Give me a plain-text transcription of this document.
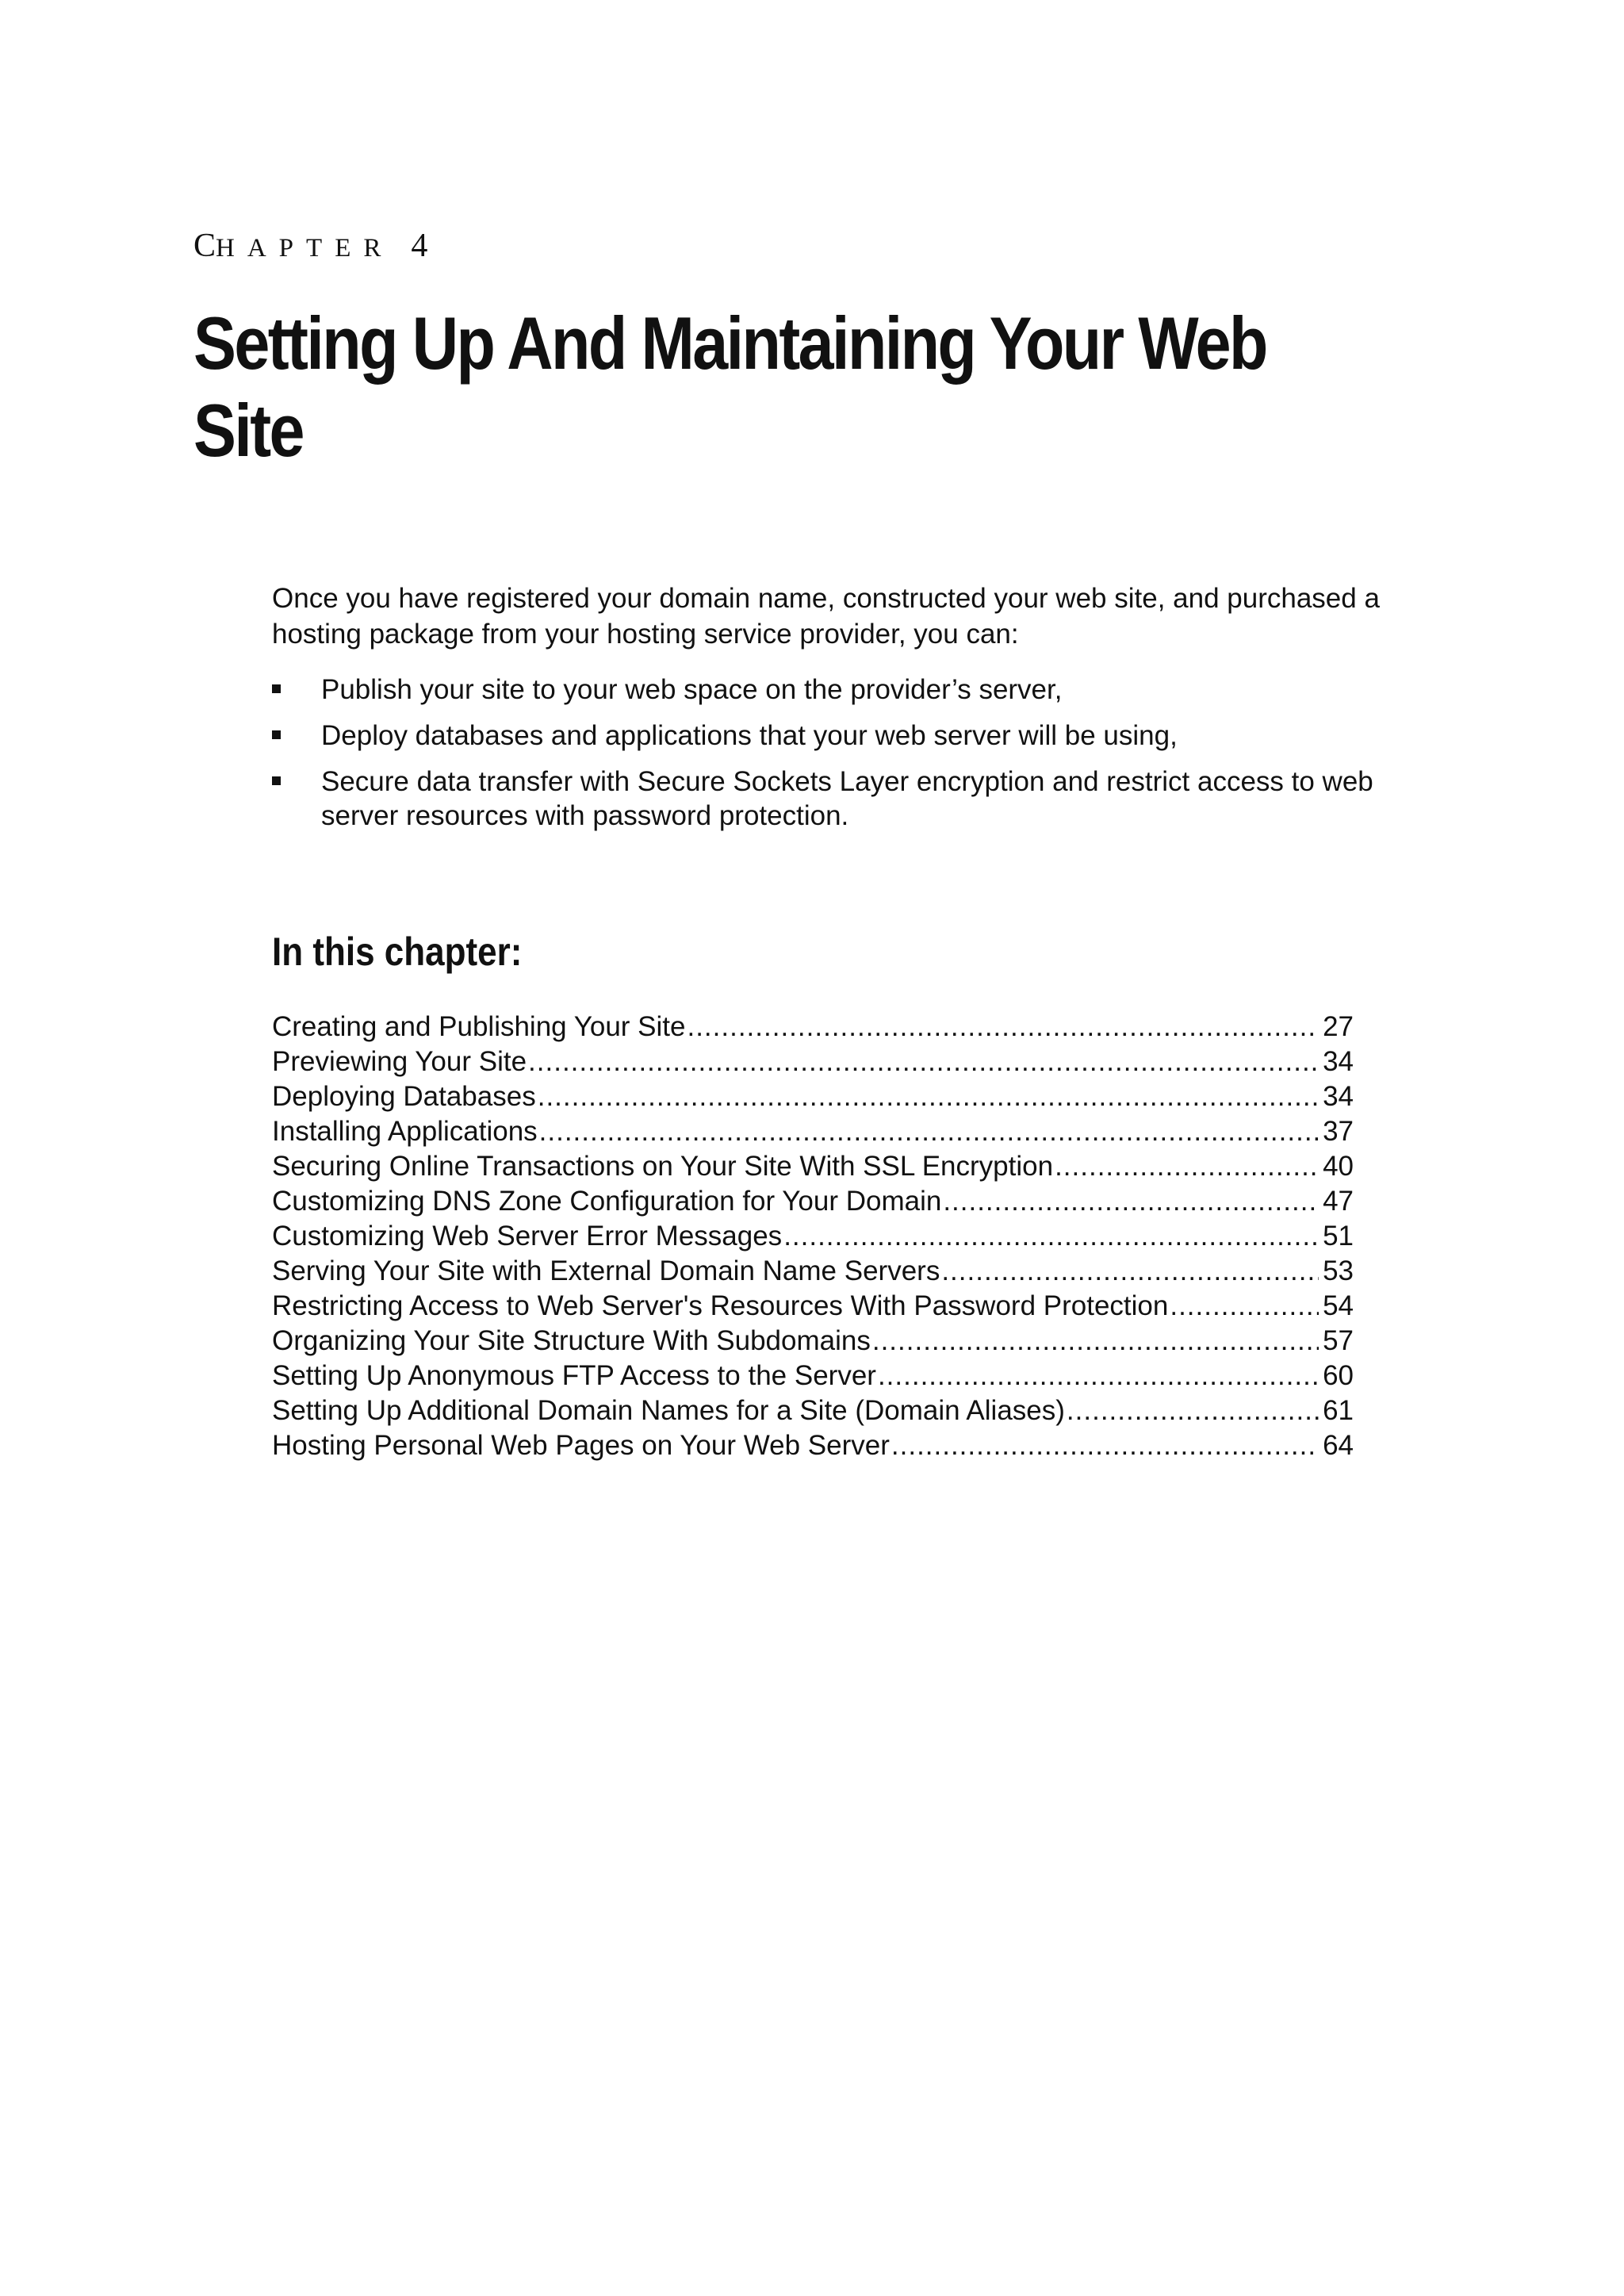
CHAPTER 4
Setting Up And Maintaining Your Web Site

Once you have registered your domain name, constructed your web site, and purchased a hosting package from your hosting service provider, you can:

Publish your site to your web space on the provider’s server,
Deploy databases and applications that your web server will be using,
Secure data transfer with Secure Sockets Layer encryption and restrict access to web server resources with password protection.
In this chapter:
Creating and Publishing Your Site .....	27
Previewing Your Site .....	34
Deploying Databases .....	34
Installing Applications .....	37
Securing Online Transactions on Your Site With SSL Encryption .....	40
Customizing DNS Zone Configuration for Your Domain .....	47
Customizing Web Server Error Messages .....	51
Serving Your Site with External Domain Name Servers .....	53
Restricting Access to Web Server's Resources With Password Protection .....	54
Organizing Your Site Structure With Subdomains .....	57
Setting Up Anonymous FTP Access to the Server .....	60
Setting Up Additional Domain Names for a Site (Domain Aliases) .....	61
Hosting Personal Web Pages on Your Web Server .....	64
